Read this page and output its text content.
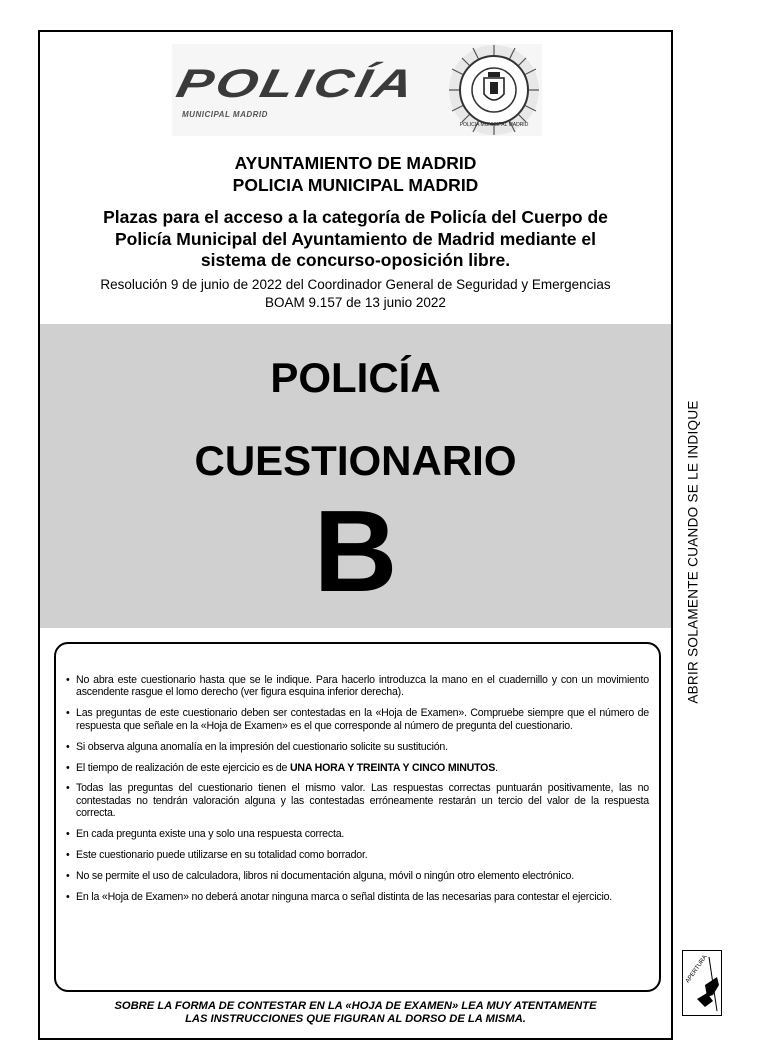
POLICÍA
MUNICIPAL MADRID
POLICIA MUNICIPAL MADRID
AYUNTAMIENTO DE MADRID
POLICIA MUNICIPAL MADRID
Plazas para el acceso a la categoría de Policía del Cuerpo de
Policía Municipal del Ayuntamiento de Madrid mediante el
sistema de concurso-oposición libre.
Resolución 9 de junio de 2022 del Coordinador General de Seguridad y Emergencias
BOAM 9.157 de 13 junio 2022
POLICÍA
CUESTIONARIO
B
• No abra este cuestionario hasta que se le indique. Para hacerlo introduzca la mano en el cuadernillo y con un movimiento ascendente rasgue el lomo derecho (ver figura esquina inferior derecha).
• Las preguntas de este cuestionario deben ser contestadas en la «Hoja de Examen». Compruebe siempre que el número de respuesta que señale en la «Hoja de Examen» es el que corresponde al número de pregunta del cuestionario.
• Si observa alguna anomalía en la impresión del cuestionario solicite su sustitución.
• El tiempo de realización de este ejercicio es de UNA HORA Y TREINTA Y CINCO MINUTOS.
• Todas las preguntas del cuestionario tienen el mismo valor. Las respuestas correctas puntuarán positivamente, las no contestadas no tendrán valoración alguna y las contestadas erróneamente restarán un tercio del valor de la respuesta correcta.
• En cada pregunta existe una y solo una respuesta correcta.
• Este cuestionario puede utilizarse en su totalidad como borrador.
• No se permite el uso de calculadora, libros ni documentación alguna, móvil o ningún otro elemento electrónico.
• En la «Hoja de Examen» no deberá anotar ninguna marca o señal distinta de las necesarias para contestar el ejercicio.
SOBRE LA FORMA DE CONTESTAR EN LA «HOJA DE EXAMEN» LEA MUY ATENTAMENTE
LAS INSTRUCCIONES QUE FIGURAN AL DORSO DE LA MISMA.
ABRIR SOLAMENTE CUANDO SE LE INDIQUE
APERTURA
